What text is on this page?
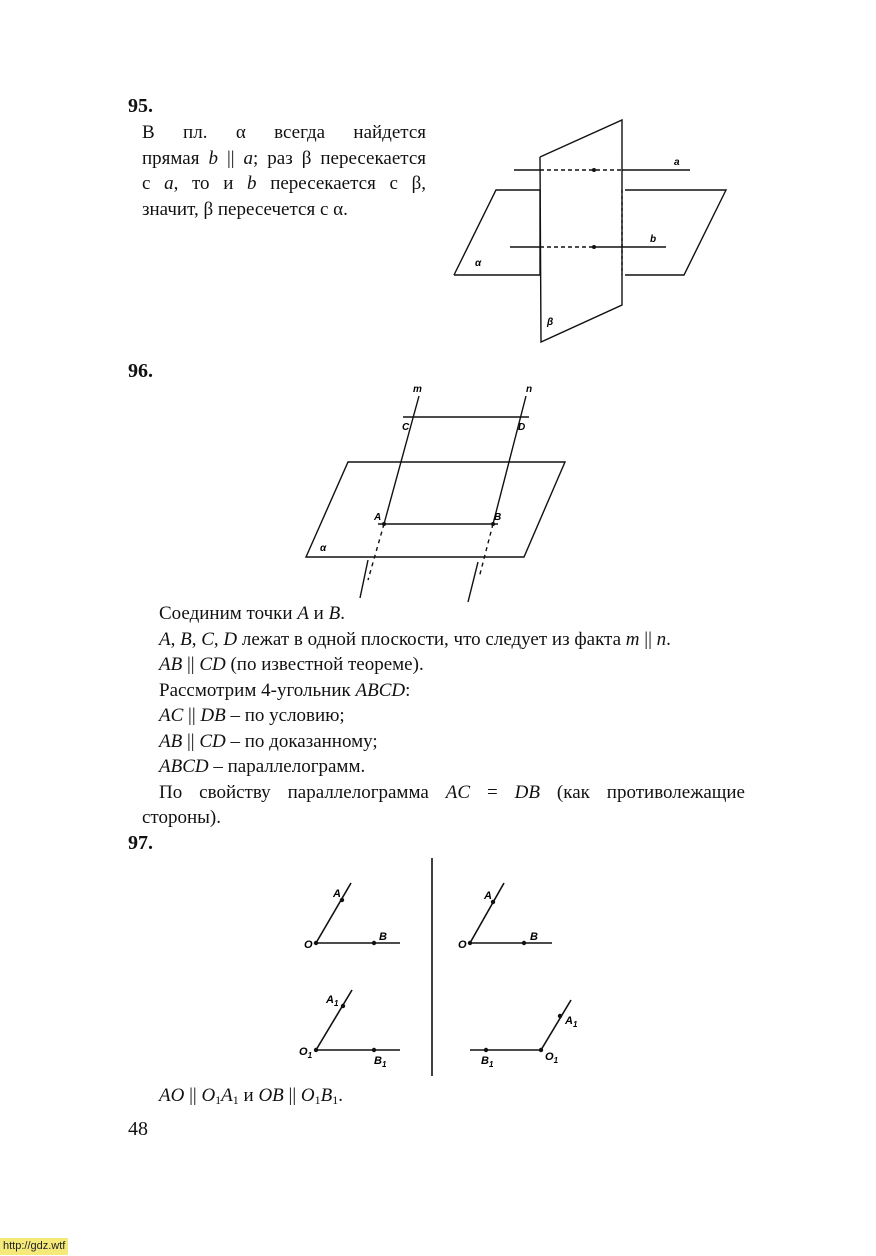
95.
В пл. α всегда найдется
прямая b || a; раз β пересекается
с a, то и b пересекается с β,
значит, β пересечется с α.
a
b
α
β
96.
m	n
C	D
A	B
α
Соединим точки A и B.
A, B, C, D лежат в одной плоскости, что следует из факта m || n.
AB || CD (по известной теореме).
Рассмотрим 4-угольник ABCD:
AC || DB – по условию;
AB || CD – по доказанному;
ABCD – параллелограмм.
По свойству параллелограмма AC = DB (как противолежащие
стороны).
97.
A
O
B
A
O
B
$A_1$
$O_1$	$B_1$
$A_1$
$O_1$
$B_1$
AO || $O_1A_1$ и OB || $O_1B_1$.
48
http://gdz.wtf
